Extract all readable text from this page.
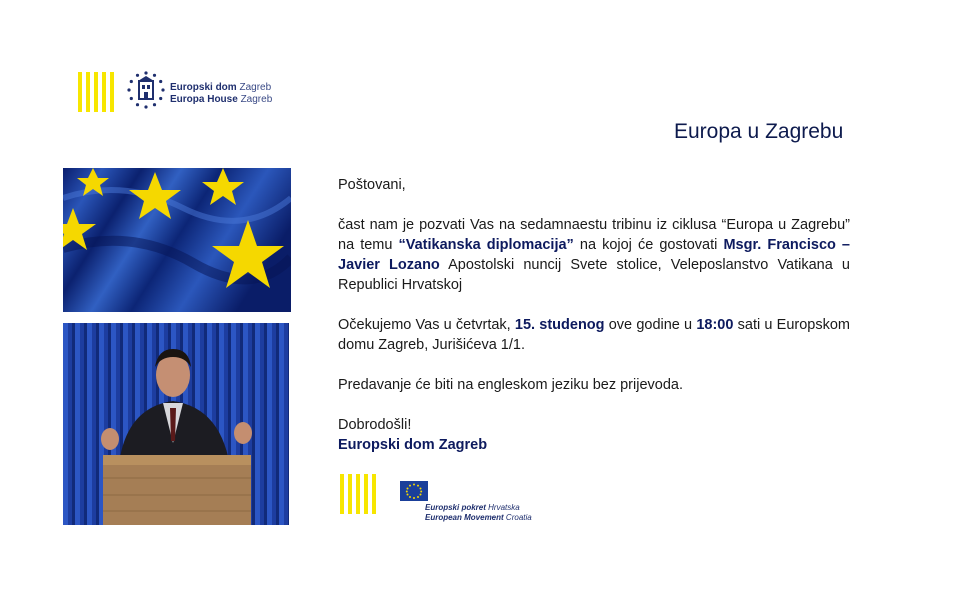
Europski dom Zagreb
Europa House Zagreb
Europa u Zagrebu

Poštovani,

čast nam je pozvati Vas na sedamnaestu tribinu iz ciklusa “Europa u Zagrebu” na temu “Vatikanska diplomacija” na kojoj će gostovati Msgr. Francisco – Javier Lozano Apostolski nuncij Svete stolice, Veleposlanstvo Vatikana u Republici Hrvatskoj

Očekujemo Vas u četvrtak, 15. studenog ove godine u 18:00 sati u Europskom domu Zagreb, Jurišićeva 1/1.

Predavanje će biti na engleskom jeziku bez prijevoda.

Dobrodošli!

Europski dom Zagreb

Europski pokret Hrvatska
European Movement Croatia
